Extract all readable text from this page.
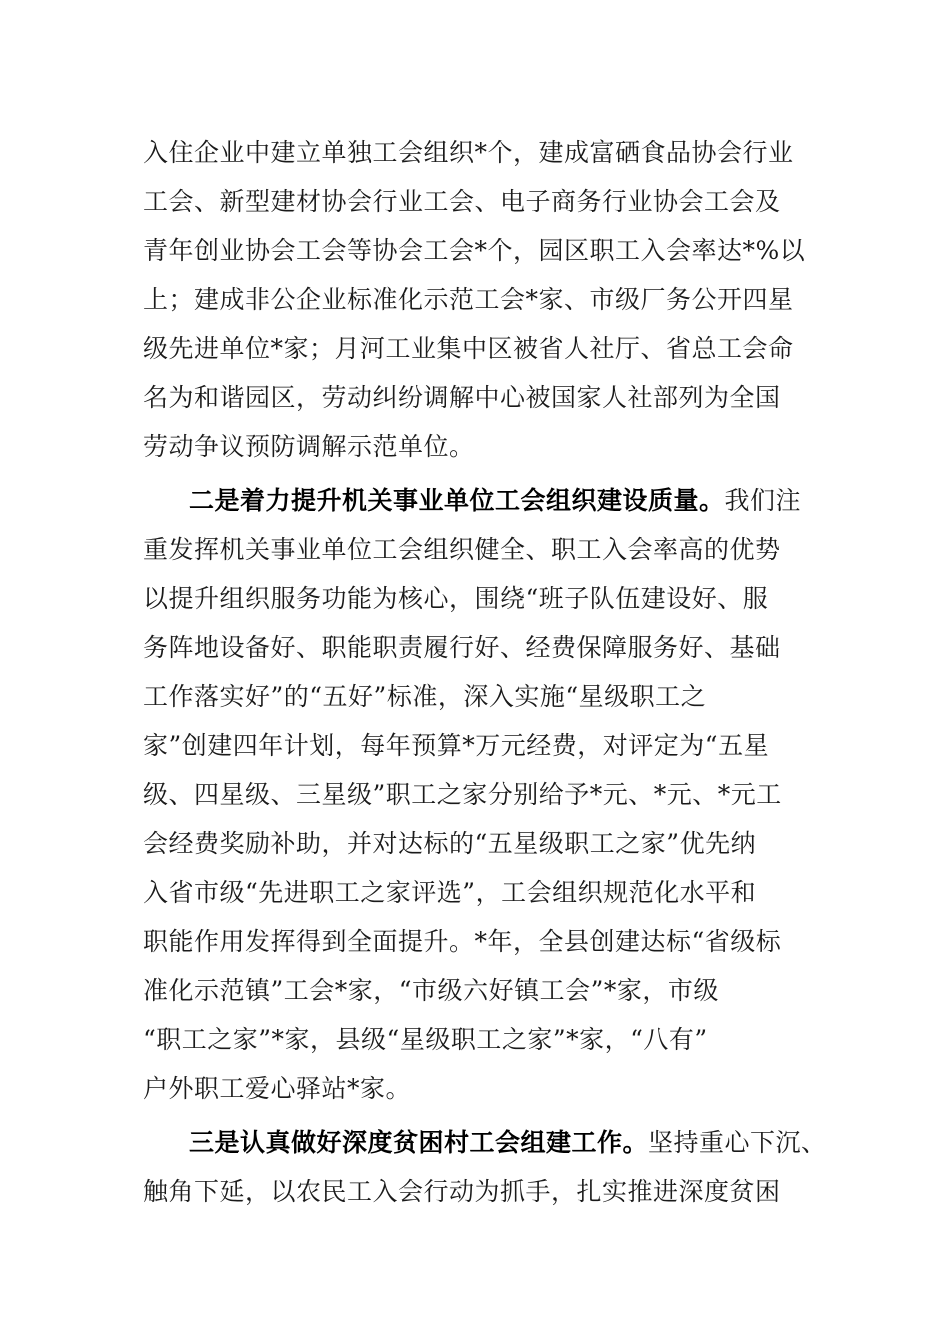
入住企业中建立单独工会组织*个，建成富硒食品协会行业
工会、新型建材协会行业工会、电子商务行业协会工会及
青年创业协会工会等协会工会*个，园区职工入会率达*%以
上；建成非公企业标准化示范工会*家、市级厂务公开四星
级先进单位*家；月河工业集中区被省人社厅、省总工会命
名为和谐园区，劳动纠纷调解中心被国家人社部列为全国
劳动争议预防调解示范单位。
二是着力提升机关事业单位工会组织建设质量。我们注
重发挥机关事业单位工会组织健全、职工入会率高的优势
以提升组织服务功能为核心，围绕“班子队伍建设好、服
务阵地设备好、职能职责履行好、经费保障服务好、基础
工作落实好”的“五好”标准，深入实施“星级职工之
家”创建四年计划，每年预算*万元经费，对评定为“五星
级、四星级、三星级”职工之家分别给予*元、*元、*元工
会经费奖励补助，并对达标的“五星级职工之家”优先纳
入省市级“先进职工之家评选”，工会组织规范化水平和
职能作用发挥得到全面提升。*年，全县创建达标“省级标
准化示范镇”工会*家，“市级六好镇工会”*家，市级
“职工之家”*家，县级“星级职工之家”*家，“八有”
户外职工爱心驿站*家。
三是认真做好深度贫困村工会组建工作。坚持重心下沉、
触角下延，以农民工入会行动为抓手，扎实推进深度贫困
